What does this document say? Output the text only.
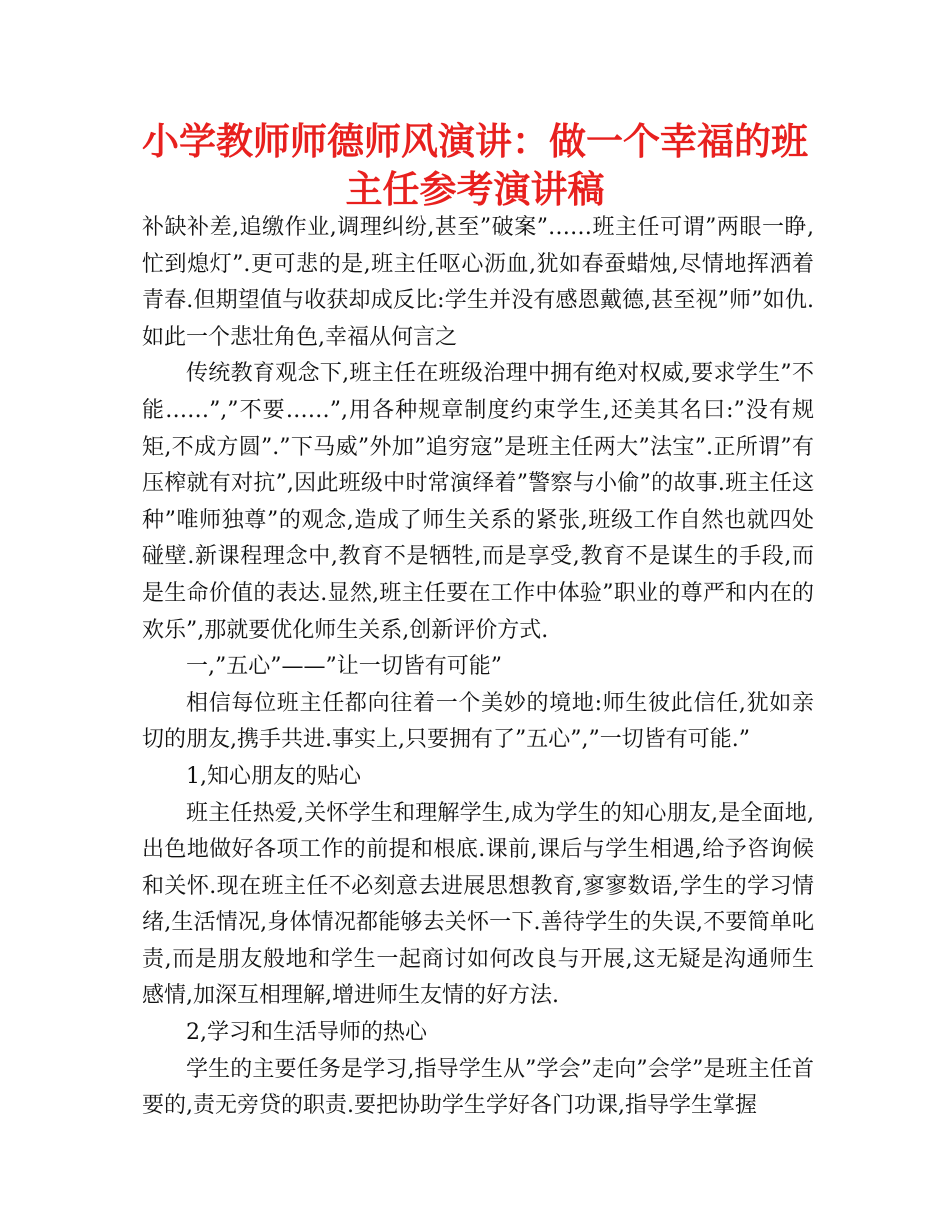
小学教师师德师风演讲：做一个幸福的班
主任参考演讲稿

补缺补差,追缴作业,调理纠纷,甚至”破案”……班主任可谓”两眼一睁,忙到熄灯”.更可悲的是,班主任呕心沥血,犹如春蚕蜡烛,尽情地挥洒着青春.但期望值与收获却成反比:学生并没有感恩戴德,甚至视”师”如仇.如此一个悲壮角色,幸福从何言之

传统教育观念下,班主任在班级治理中拥有绝对权威,要求学生”不能……”,”不要……”,用各种规章制度约束学生,还美其名曰:”没有规矩,不成方圆”.”下马威”外加”追穷寇”是班主任两大”法宝”.正所谓”有压榨就有对抗”,因此班级中时常演绎着”警察与小偷”的故事.班主任这种”唯师独尊”的观念,造成了师生关系的紧张,班级工作自然也就四处碰壁.新课程理念中,教育不是牺牲,而是享受,教育不是谋生的手段,而是生命价值的表达.显然,班主任要在工作中体验”职业的尊严和内在的欢乐”,那就要优化师生关系,创新评价方式.

一,”五心”——”让一切皆有可能”

相信每位班主任都向往着一个美妙的境地:师生彼此信任,犹如亲切的朋友,携手共进.事实上,只要拥有了”五心”,”一切皆有可能.”

1,知心朋友的贴心

班主任热爱,关怀学生和理解学生,成为学生的知心朋友,是全面地,出色地做好各项工作的前提和根底.课前,课后与学生相遇,给予咨询候和关怀.现在班主任不必刻意去进展思想教育,寥寥数语,学生的学习情绪,生活情况,身体情况都能够去关怀一下.善待学生的失误,不要简单叱责,而是朋友般地和学生一起商讨如何改良与开展,这无疑是沟通师生感情,加深互相理解,增进师生友情的好方法.

2,学习和生活导师的热心

学生的主要任务是学习,指导学生从”学会”走向”会学”是班主任首要的,责无旁贷的职责.要把协助学生学好各门功课,指导学生掌握
